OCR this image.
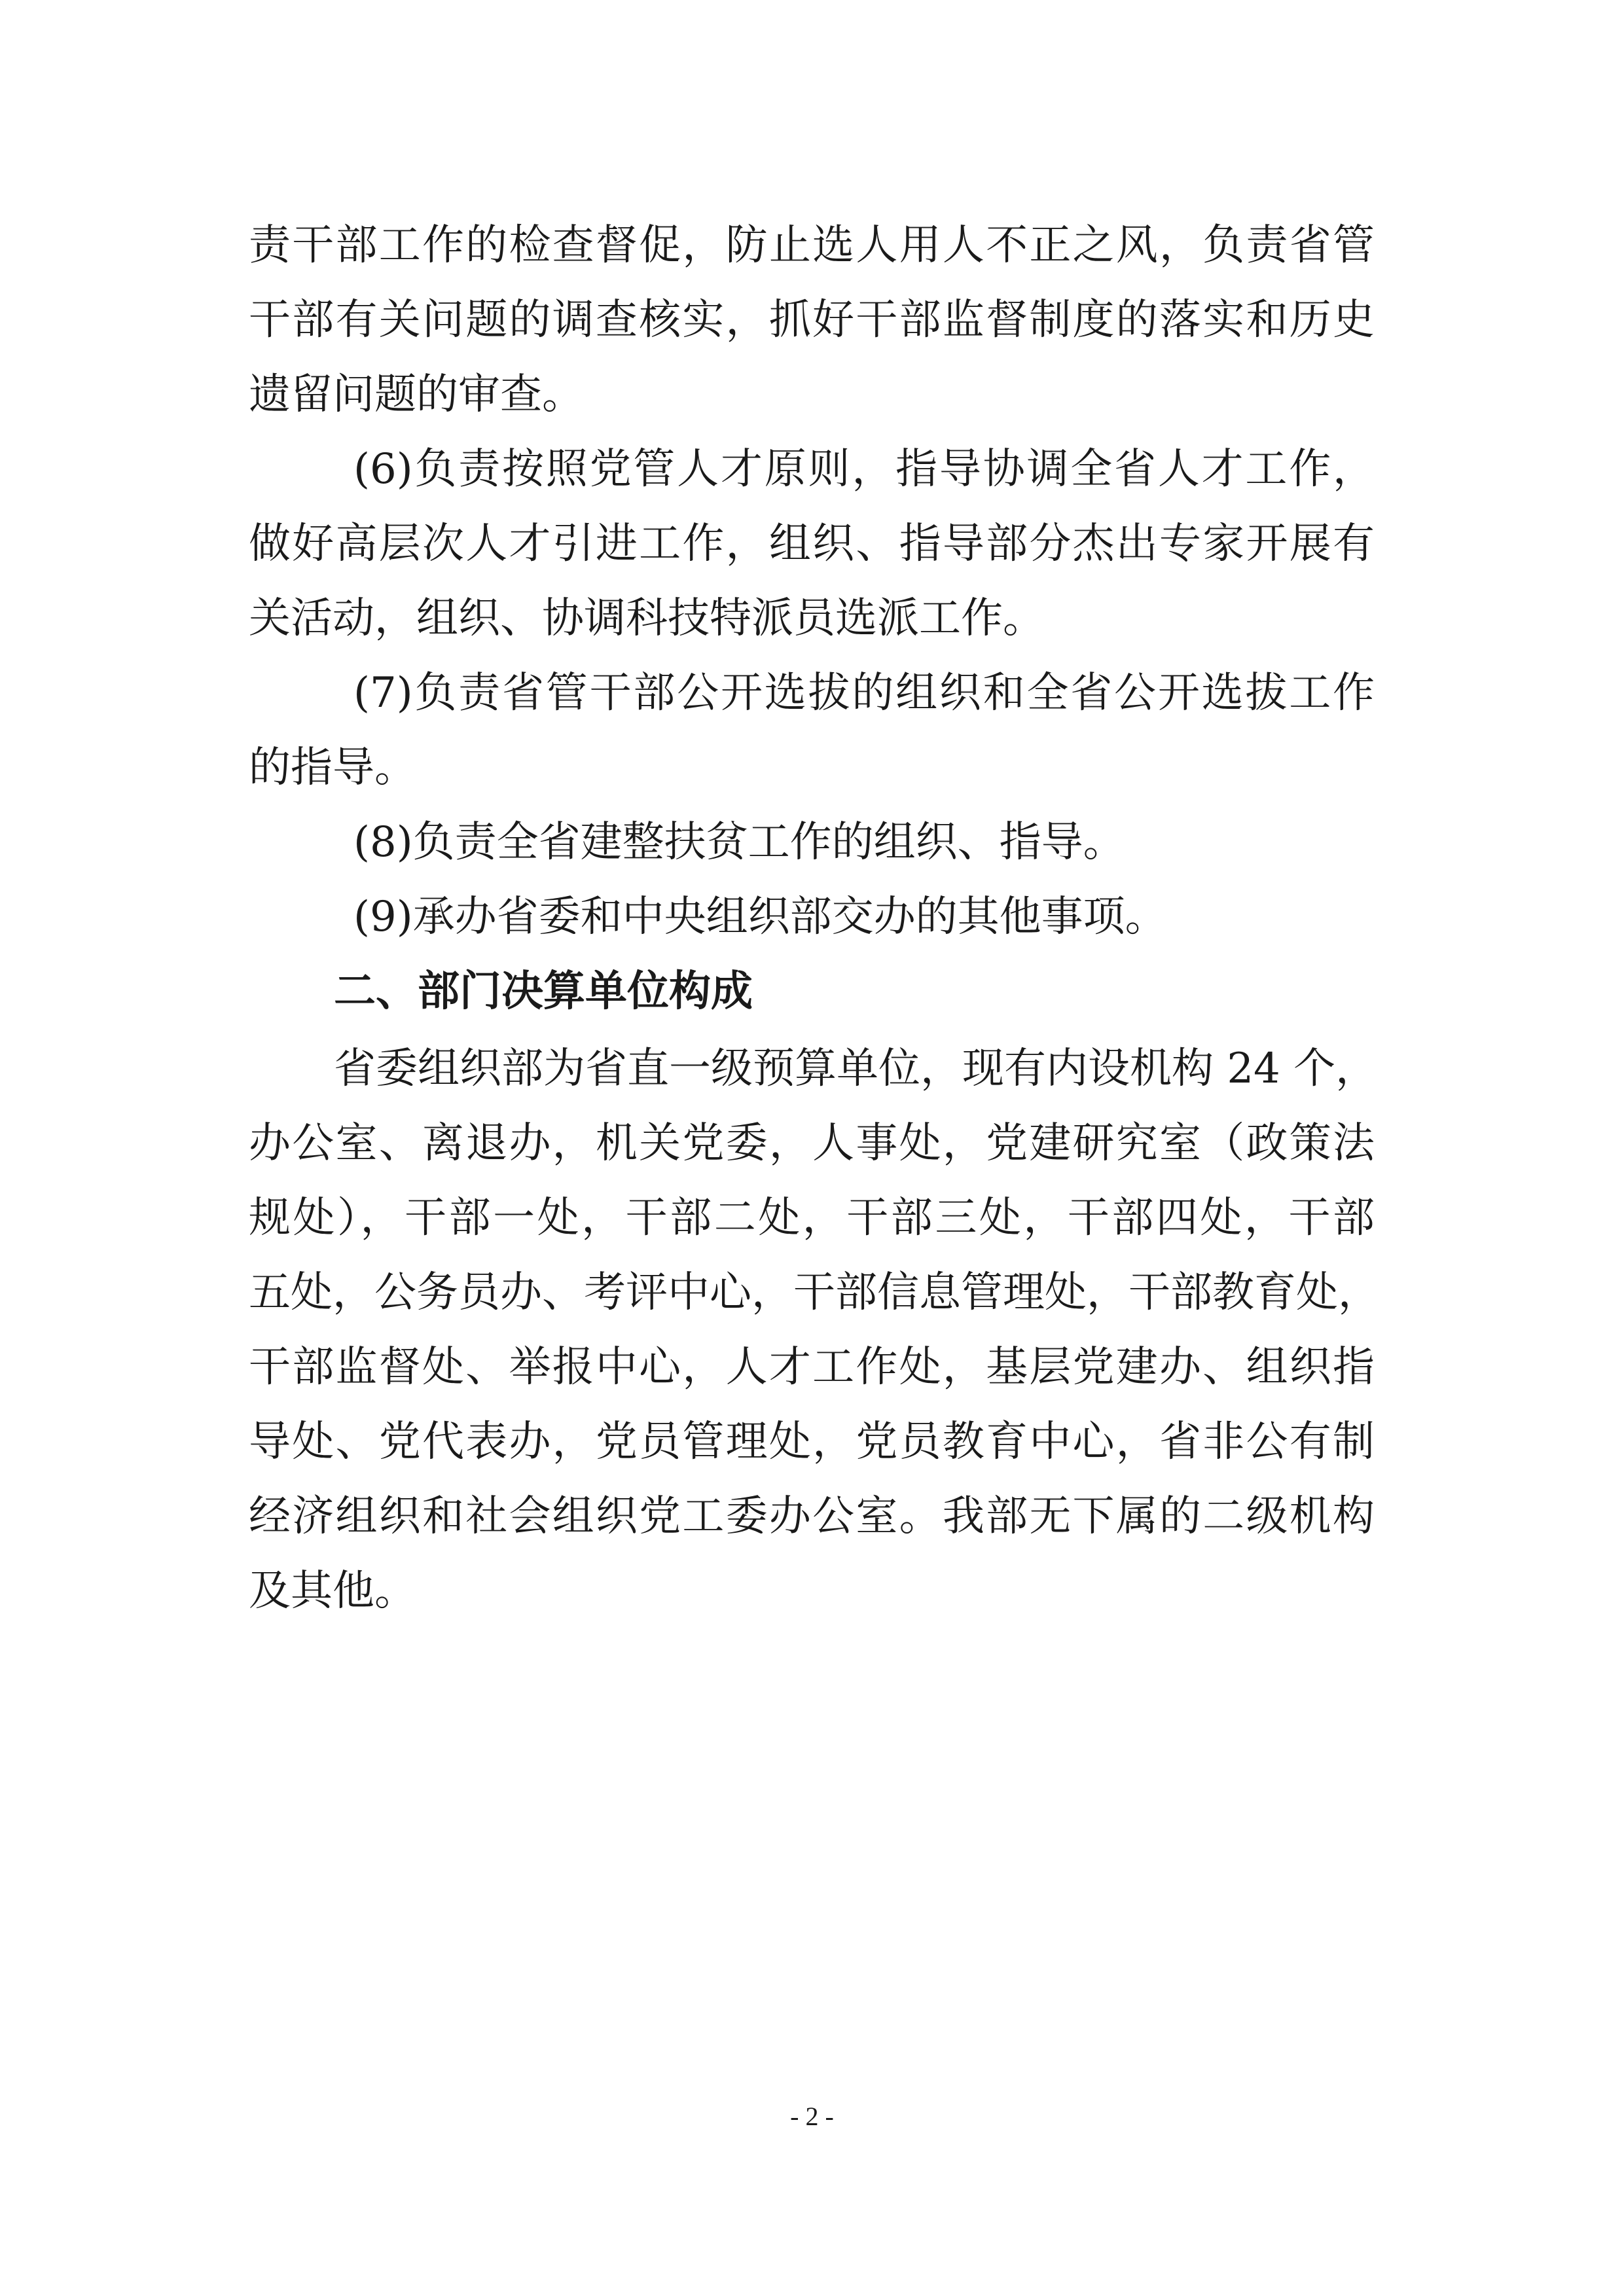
责干部工作的检查督促，防止选人用人不正之风，负责省管
干部有关问题的调查核实，抓好干部监督制度的落实和历史
遗留问题的审查。
(6)负责按照党管人才原则，指导协调全省人才工作，
做好高层次人才引进工作，组织、指导部分杰出专家开展有
关活动，组织、协调科技特派员选派工作。
(7)负责省管干部公开选拔的组织和全省公开选拔工作
的指导。
(8)负责全省建整扶贫工作的组织、指导。
(9)承办省委和中央组织部交办的其他事项。
二、部门决算单位构成
省委组织部为省直一级预算单位，现有内设机构 24 个，
办公室、离退办，机关党委，人事处，党建研究室（政策法
规处），干部一处，干部二处，干部三处，干部四处，干部
五处，公务员办、考评中心，干部信息管理处，干部教育处，
干部监督处、举报中心，人才工作处，基层党建办、组织指
导处、党代表办，党员管理处，党员教育中心，省非公有制
经济组织和社会组织党工委办公室。我部无下属的二级机构
及其他。
- 2 -
